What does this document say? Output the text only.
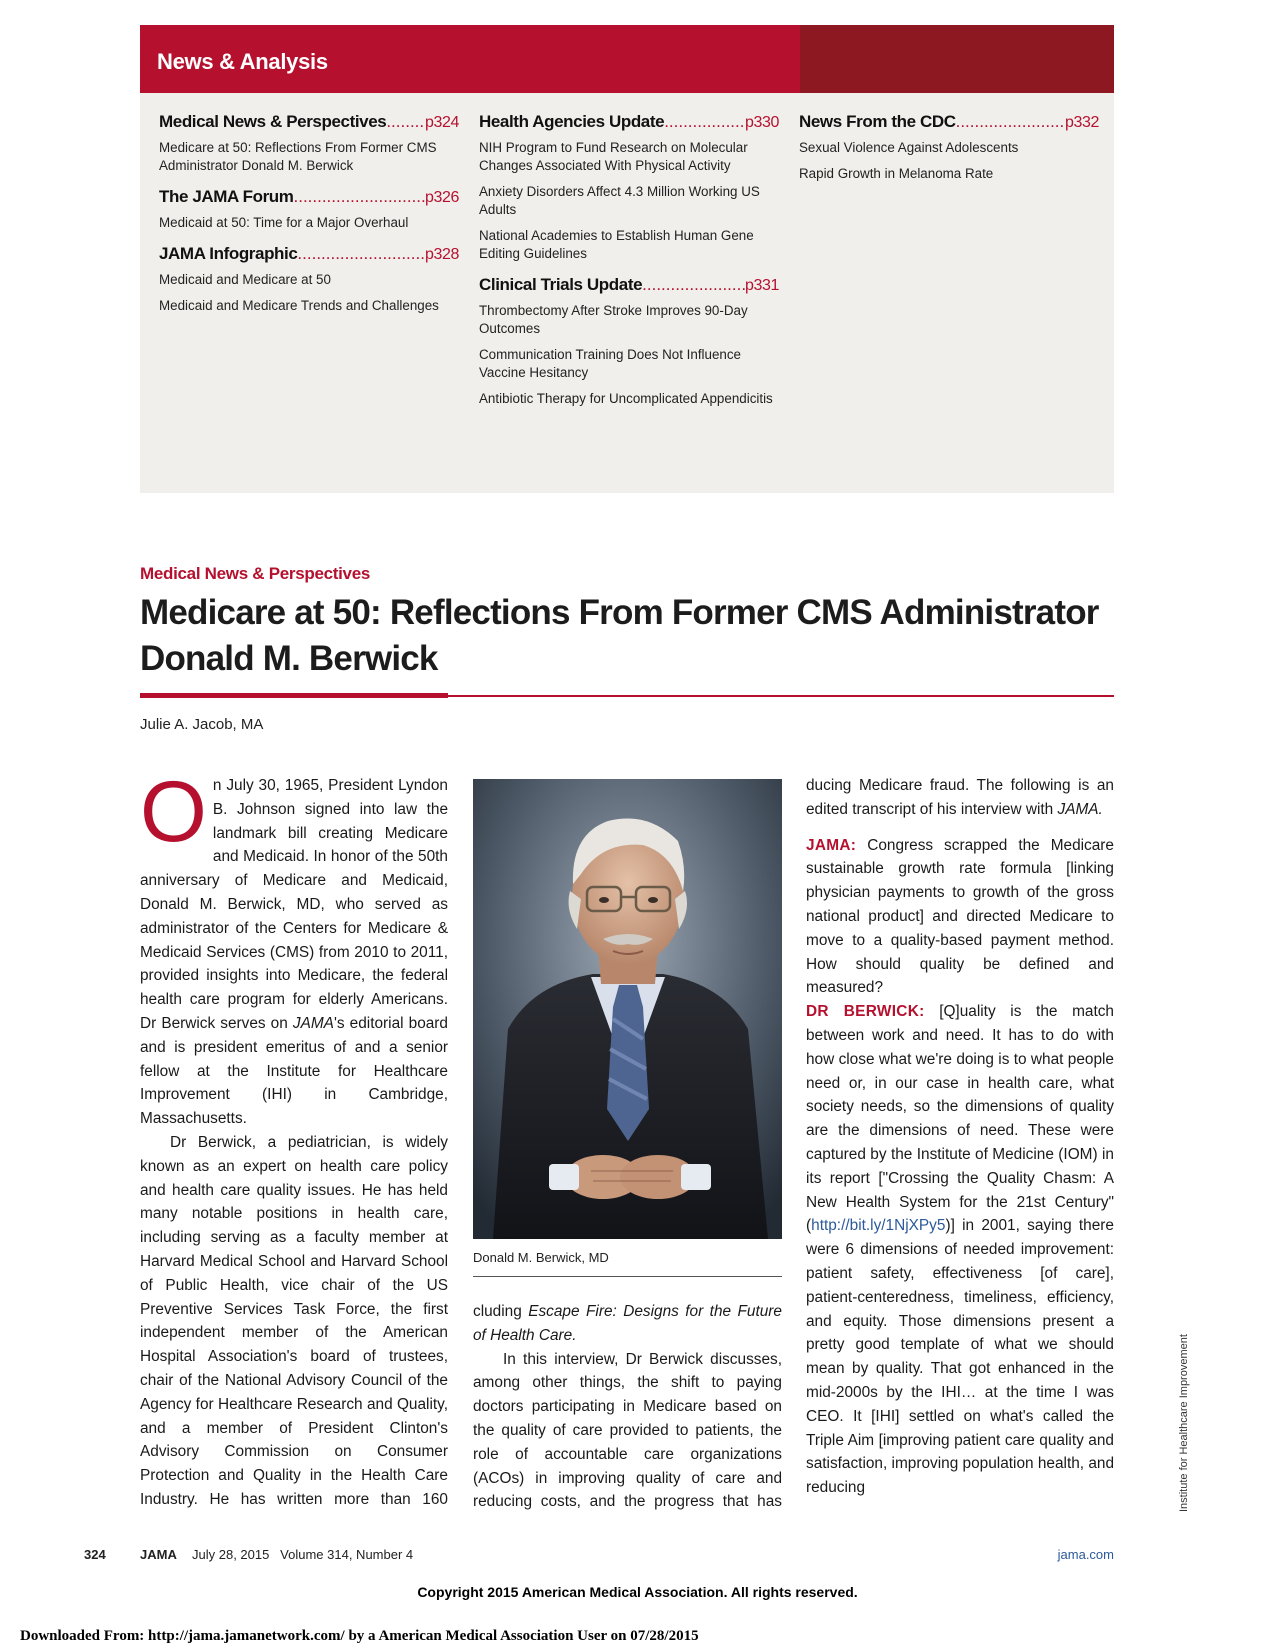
News & Analysis
Medical News & Perspectives ..... p324
Medicare at 50: Reflections From Former CMS Administrator Donald M. Berwick
The JAMA Forum .....	p326
Medicaid at 50: Time for a Major Overhaul
JAMA Infographic .....	p328
Medicaid and Medicare at 50
Medicaid and Medicare Trends and Challenges
Health Agencies Update .....	p330
NIH Program to Fund Research on Molecular Changes Associated With Physical Activity
Anxiety Disorders Affect 4.3 Million Working US Adults
National Academies to Establish Human Gene Editing Guidelines
Clinical Trials Update .....	p331
Thrombectomy After Stroke Improves 90-Day Outcomes
Communication Training Does Not Influence Vaccine Hesitancy
Antibiotic Therapy for Uncomplicated Appendicitis
News From the CDC .....	p332
Sexual Violence Against Adolescents
Rapid Growth in Melanoma Rate
Medical News & Perspectives
Medicare at 50: Reflections From Former CMS Administrator Donald M. Berwick
Julie A. Jacob, MA

On July 30, 1965, President Lyndon B. Johnson signed into law the landmark bill creating Medicare and Medicaid. In honor of the 50th anniversary of Medicare and Medicaid, Donald M. Berwick, MD, who served as administrator of the Centers for Medicare & Medicaid Services (CMS) from 2010 to 2011, provided insights into Medicare, the federal health care program for elderly Americans. Dr Berwick serves on JAMA's editorial board and is president emeritus of and a senior fellow at the Institute for Healthcare Improvement (IHI) in Cambridge, Massachusetts.

Dr Berwick, a pediatrician, is widely known as an expert on health care policy and health care quality issues. He has held many notable positions in health care, including serving as a faculty member at Harvard Medical School and Harvard School of Public Health, vice chair of the US Preventive Services Task Force, the first independent member of the American Hospital Association's board of trustees, chair of the National Advisory Council of the Agency for Healthcare Research and Quality, and a member of President Clinton's Advisory Commission on Consumer Protection and Quality in the Health Care Industry. He has written more than 160

Donald M. Berwick, MD

cluding Escape Fire: Designs for the Future of Health Care.

In this interview, Dr Berwick discusses, among other things, the shift to paying doctors participating in Medicare based on the quality of care provided to patients, the role of accountable care organizations (ACOs) in improving quality of care and reducing costs, and the progress that has

ducing Medicare fraud. The following is an edited transcript of his interview with JAMA.

JAMA: Congress scrapped the Medicare sustainable growth rate formula [linking physician payments to growth of the gross national product] and directed Medicare to move to a quality-based payment method. How should quality be defined and measured?

DR BERWICK: [Q]uality is the match between work and need. It has to do with how close what we're doing is to what people need or, in our case in health care, what society needs, so the dimensions of quality are the dimensions of need. These were captured by the Institute of Medicine (IOM) in its report ["Crossing the Quality Chasm: A New Health System for the 21st Century" (http://bit.ly/1NjXPy5)] in 2001, saying there were 6 dimensions of needed improvement: patient safety, effectiveness [of care], patient-centeredness, timeliness, efficiency, and equity. Those dimensions present a pretty good template of what we should mean by quality. That got enhanced in the mid-2000s by the IHI… at the time I was CEO. It [IHI] settled on what's called the Triple Aim [improving patient care quality and satisfaction, improving population health, and reducing	Institute for Healthcare Improvement
324	JAMA July 28, 2015   Volume 314, Number 4	jama.com
Copyright 2015 American Medical Association. All rights reserved.
Downloaded From: http://jama.jamanetwork.com/ by a American Medical Association User on 07/28/2015
